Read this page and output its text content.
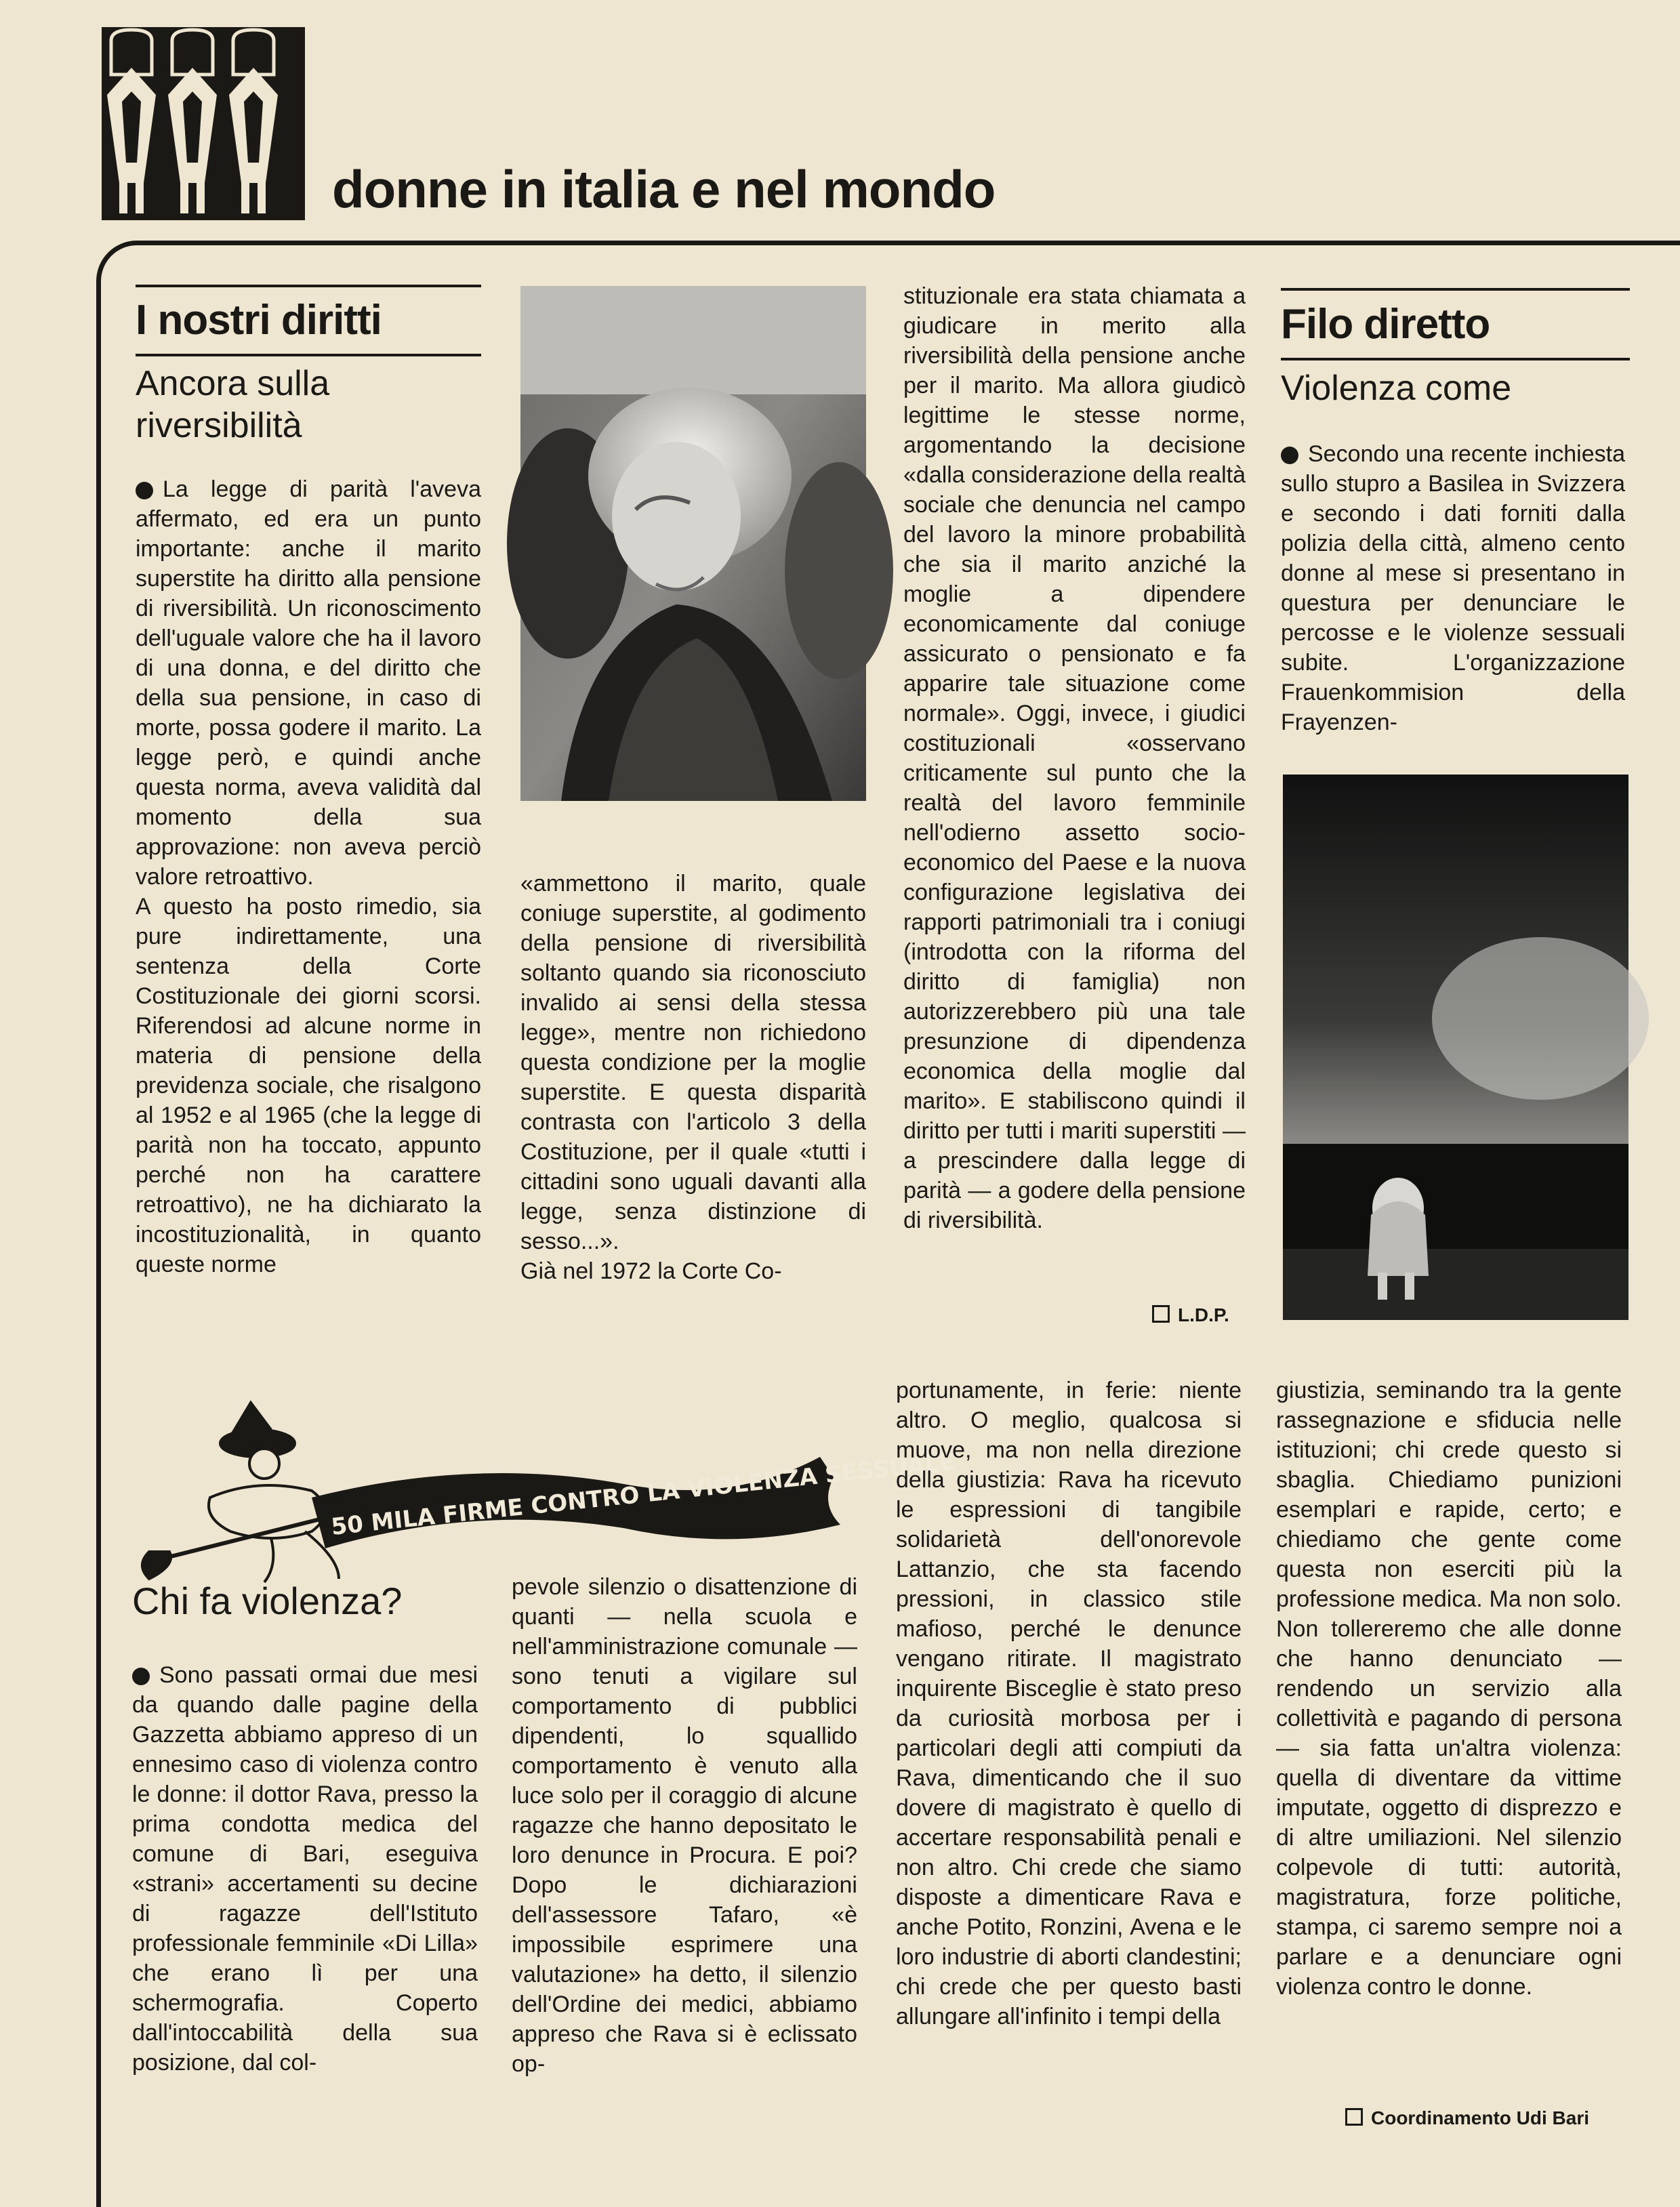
donne in italia e nel mondo
I nostri diritti
Ancora sulla riversibilità
La legge di parità l'aveva affermato, ed era un punto importante: anche il marito superstite ha diritto alla pensione di riversibilità. Un riconoscimento dell'uguale valore che ha il lavoro di una donna, e del diritto che della sua pensione, in caso di morte, possa godere il marito. La legge però, e quindi anche questa norma, aveva validità dal momento della sua approvazione: non aveva perciò valore retroattivo.
A questo ha posto rimedio, sia pure indirettamente, una sentenza della Corte Costituzionale dei giorni scorsi. Riferendosi ad alcune norme in materia di pensione della previdenza sociale, che risalgono al 1952 e al 1965 (che la legge di parità non ha toccato, appunto perché non ha carattere retroattivo), ne ha dichiarato la incostituzionalità, in quanto queste norme
«ammettono il marito, quale coniuge superstite, al godimento della pensione di riversibilità soltanto quando sia riconosciuto invalido ai sensi della stessa legge», mentre non richiedono questa condizione per la moglie superstite. E questa disparità contrasta con l'articolo 3 della Costituzione, per il quale «tutti i cittadini sono uguali davanti alla legge, senza distinzione di sesso...».
Già nel 1972 la Corte Co-
stituzionale era stata chiamata a giudicare in merito alla riversibilità della pensione anche per il marito. Ma allora giudicò legittime le stesse norme, argomentando la decisione «dalla considerazione della realtà sociale che denuncia nel campo del lavoro la minore probabilità che sia il marito anziché la moglie a dipendere economicamente dal coniuge assicurato o pensionato e fa apparire tale situazione come normale». Oggi, invece, i giudici costituzionali «osservano criticamente sul punto che la realtà del lavoro femminile nell'odierno assetto socio-economico del Paese e la nuova configurazione legislativa dei rapporti patrimoniali tra i coniugi (introdotta con la riforma del diritto di famiglia) non autorizzerebbero più una tale presunzione di dipendenza economica della moglie dal marito». E stabiliscono quindi il diritto per tutti i mariti superstiti — a prescindere dalla legge di parità — a godere della pensione di riversibilità.
L.D.P.
Filo diretto
Violenza come
Secondo una recente inchiesta sullo stupro a Basilea in Svizzera e secondo i dati forniti dalla polizia della città, almeno cento donne al mese si presentano in questura per denunciare le percosse e le violenze sessuali subite. L'organizzazione Frauenkommision della Frayenzen-
50 MILA FIRME CONTRO LA VIOLENZA SESSUALE
Chi fa violenza?
Sono passati ormai due mesi da quando dalle pagine della Gazzetta abbiamo appreso di un ennesimo caso di violenza contro le donne: il dottor Rava, presso la prima condotta medica del comune di Bari, eseguiva «strani» accertamenti su decine di ragazze dell'Istituto professionale femminile «Di Lilla» che erano lì per una schermografia. Coperto dall'intoccabilità della sua posizione, dal col-
pevole silenzio o disattenzione di quanti — nella scuola e nell'amministrazione comunale — sono tenuti a vigilare sul comportamento di pubblici dipendenti, lo squallido comportamento è venuto alla luce solo per il coraggio di alcune ragazze che hanno depositato le loro denunce in Procura. E poi? Dopo le dichiarazioni dell'assessore Tafaro, «è impossibile esprimere una valutazione» ha detto, il silenzio dell'Ordine dei medici, abbiamo appreso che Rava si è eclissato op-
portunamente, in ferie: niente altro. O meglio, qualcosa si muove, ma non nella direzione della giustizia: Rava ha ricevuto le espressioni di tangibile solidarietà dell'onorevole Lattanzio, che sta facendo pressioni, in classico stile mafioso, perché le denunce vengano ritirate. Il magistrato inquirente Bisceglie è stato preso da curiosità morbosa per i particolari degli atti compiuti da Rava, dimenticando che il suo dovere di magistrato è quello di accertare responsabilità penali e non altro. Chi crede che siamo disposte a dimenticare Rava e anche Potito, Ronzini, Avena e le loro industrie di aborti clandestini; chi crede che per questo basti allungare all'infinito i tempi della
giustizia, seminando tra la gente rassegnazione e sfiducia nelle istituzioni; chi crede questo si sbaglia. Chiediamo punizioni esemplari e rapide, certo; e chiediamo che gente come questa non eserciti più la professione medica. Ma non solo. Non tollereremo che alle donne che hanno denunciato — rendendo un servizio alla collettività e pagando di persona — sia fatta un'altra violenza: quella di diventare da vittime imputate, oggetto di disprezzo e di altre umiliazioni. Nel silenzio colpevole di tutti: autorità, magistratura, forze politiche, stampa, ci saremo sempre noi a parlare e a denunciare ogni violenza contro le donne.
Coordinamento Udi Bari
